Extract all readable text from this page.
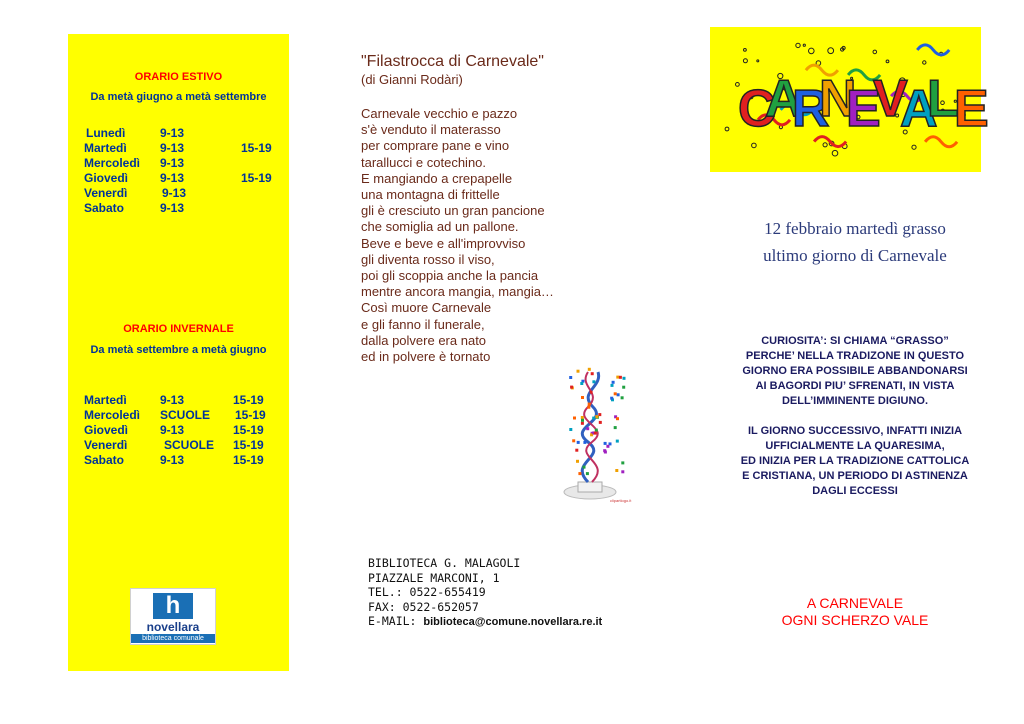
ORARIO ESTIVO
Da metà giugno a metà settembre
Lunedì	9-13
Martedì	9-13	15-19
Mercoledì 9-13
Giovedì	9-13	15-19
Venerdì	9-13
Sabato	9-13
ORARIO INVERNALE
Da metà settembre a metà giugno
Martedì	9-13	15-19
Mercoledì SCUOLE 15-19
Giovedì	9-13	15-19
Venerdì	SCUOLE 15-19
Sabato	9-13	15-19
h
novellara
biblioteca comunale
"Filastrocca di Carnevale"
(di Gianni Rodàri)
Carnevale vecchio e pazzo
s'è venduto il materasso
per comprare pane e vino
tarallucci e cotechino.
E mangiando a crepapelle
una montagna di frittelle
gli è cresciuto un gran pancione
che somiglia ad un pallone.
Beve e beve e all'improvviso
gli diventa rosso il viso,
poi gli scoppia anche la pancia
mentre ancora mangia, mangia…
Così muore Carnevale
e gli fanno il funerale,
dalla polvere era nato
ed in polvere è tornato
clipartlogo.it
BIBLIOTECA G. MALAGOLI
PIAZZALE MARCONI, 1
TEL.: 0522-655419
FAX: 0522-652057
E-MAIL: biblioteca@comune.novellara.re.it
C
A
R
N
E
V
A
L
E
12 febbraio martedì grasso
ultimo giorno di Carnevale
CURIOSITA’: SI CHIAMA “GRASSO”
PERCHE’ NELLA TRADIZONE IN QUESTO
GIORNO ERA POSSIBILE ABBANDONARSI
AI BAGORDI PIU’ SFRENATI, IN VISTA
DELL’IMMINENTE DIGIUNO.
IL GIORNO SUCCESSIVO, INFATTI INIZIA
UFFICIALMENTE LA QUARESIMA,
ED INIZIA PER LA TRADIZIONE CATTOLICA
E CRISTIANA, UN PERIODO DI ASTINENZA
DAGLI ECCESSI
A CARNEVALE
OGNI SCHERZO VALE
